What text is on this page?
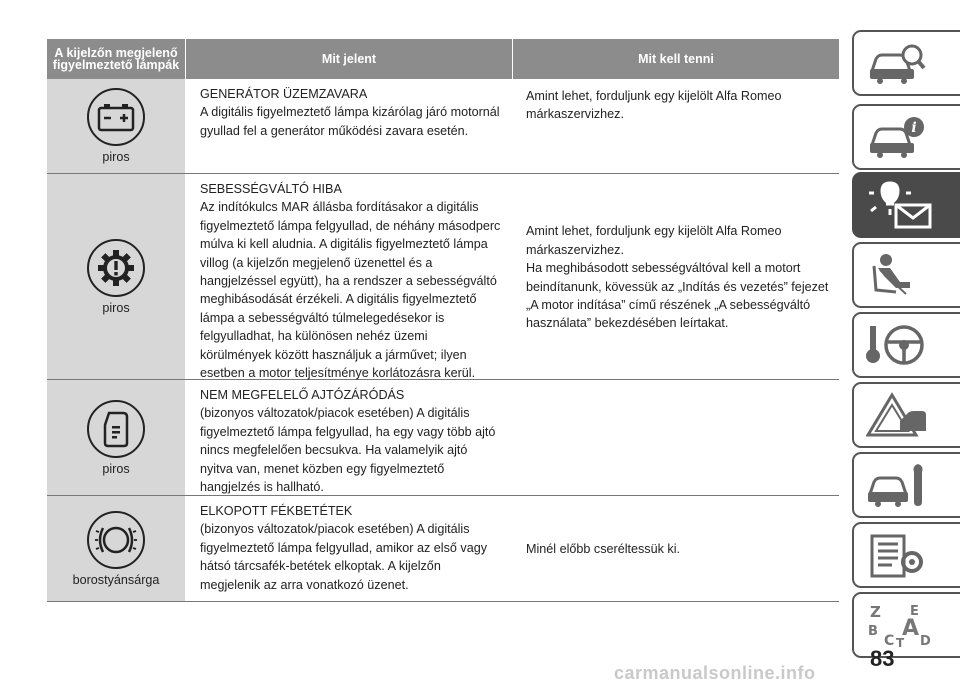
A kijelzőn megjelenő
figyelmeztető lámpák	Mit jelent	Mit kell tenni
piros
GENERÁTOR ÜZEMZAVARA
A digitális figyelmeztető lámpa kizárólag járó motornál gyullad fel a generátor működési zavara esetén.
Amint lehet, forduljunk egy kijelölt Alfa Romeo márkaszervizhez.
piros
SEBESSÉGVÁLTÓ HIBA
Az indítókulcs MAR állásba fordításakor a digitális figyelmeztető lámpa felgyullad, de néhány másodperc múlva ki kell aludnia. A digitális figyelmeztető lámpa villog (a kijelzőn megjelenő üzenettel és a hangjelzéssel együtt), ha a rendszer a sebességváltó meghibásodását érzékeli. A digitális figyelmeztető lámpa a sebességváltó túlmelegedésekor is felgyulladhat, ha különösen nehéz üzemi körülmények között használjuk a járművet; ilyen esetben a motor teljesítménye korlátozásra kerül.
Amint lehet, forduljunk egy kijelölt Alfa Romeo márkaszervizhez.
Ha meghibásodott sebességváltóval kell a motort beindítanunk, kövessük az „Indítás és vezetés” fejezet „A motor indítása” című részének „A sebességváltó használata” bekezdésében leírtakat.
piros
NEM MEGFELELŐ AJTÓZÁRÓDÁS
(bizonyos változatok/piacok esetében) A digitális figyelmeztető lámpa felgyullad, ha egy vagy több ajtó nincs megfelelően becsukva. Ha valamelyik ajtó nyitva van, menet közben egy figyelmeztető hangjelzés is hallható.
borostyánsárga
ELKOPOTT FÉKBETÉTEK
(bizonyos változatok/piacok esetében) A digitális figyelmeztető lámpa felgyullad, amikor az első vagy hátsó tárcsafék-betétek elkoptak. A kijelzőn megjelenik az arra vonatkozó üzenet.
Minél előbb cseréltessük ki.
i
Z E
A
B
C D
T
83
carmanualsonline.info
